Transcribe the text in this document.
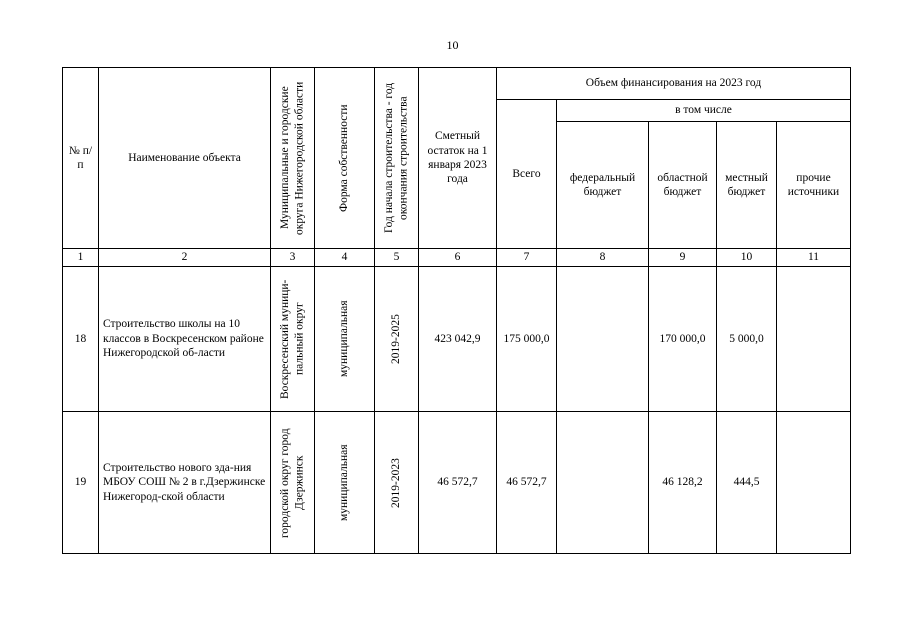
10
№ п/п	Наименование объекта	Муниципальные и городские округа Нижегородской области	Форма собственности	Год начала строительства - год окончания строительства	Сметный остаток на 1 января 2023 года	Объем финансирования на 2023 год				
						Всего	в том числе			
							федеральный бюджет	областной бюджет	местный бюджет	прочие источники
1	2	3	4	5	6	7	8	9	10	11
18	Строительство школы на 10 классов в Воскресенском районе Нижегородской об-ласти	Воскресенский муници-пальный округ	муниципальная	2019-2025	423 042,9	175 000,0		170 000,0	5 000,0	
19	Строительство нового зда-ния МБОУ СОШ № 2 в г.Дзержинске Нижегород-ской области	городской округ город Дзержинск	муниципальная	2019-2023	46 572,7	46 572,7		46 128,2	444,5	
